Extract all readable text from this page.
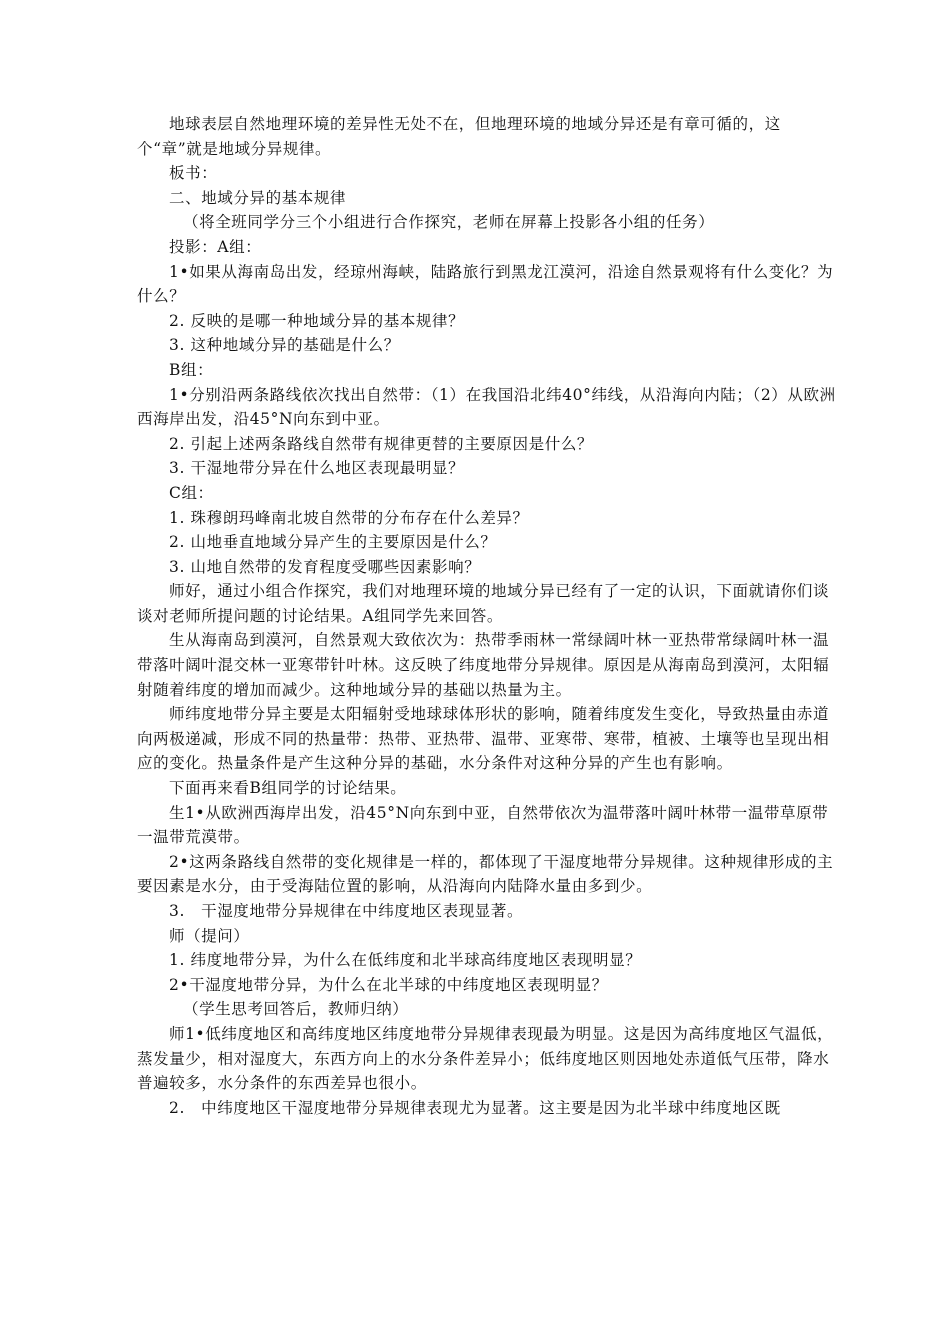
地球表层自然地理环境的差异性无处不在，但地理环境的地域分异还是有章可循的，这个“章”就是地域分异规律。

板书：

二、地域分异的基本规律

（将全班同学分三个小组进行合作探究，老师在屏幕上投影各小组的任务）

投影：A组：

1•如果从海南岛出发，经琼州海峡，陆路旅行到黑龙江漠河，沿途自然景观将有什么变化？为什么？

2. 反映的是哪一种地域分异的基本规律？

3. 这种地域分异的基础是什么？

B组：

1•分别沿两条路线依次找出自然带：（1）在我国沿北纬40°纬线，从沿海向内陆；（2）从欧洲西海岸出发，沿45°N向东到中亚。

2. 引起上述两条路线自然带有规律更替的主要原因是什么？

3. 干湿地带分异在什么地区表现最明显？

C组：

1. 珠穆朗玛峰南北坡自然带的分布存在什么差异？

2. 山地垂直地域分异产生的主要原因是什么？

3. 山地自然带的发育程度受哪些因素影响？

师好，通过小组合作探究，我们对地理环境的地域分异已经有了一定的认识，下面就请你们谈谈对老师所提问题的讨论结果。A组同学先来回答。

生从海南岛到漠河，自然景观大致依次为：热带季雨林一常绿阔叶林一亚热带常绿阔叶林一温带落叶阔叶混交林一亚寒带针叶林。这反映了纬度地带分异规律。原因是从海南岛到漠河，太阳辐射随着纬度的增加而减少。这种地域分异的基础以热量为主。

师纬度地带分异主要是太阳辐射受地球球体形状的影响，随着纬度发生变化，导致热量由赤道向两极递减，形成不同的热量带：热带、亚热带、温带、亚寒带、寒带，植被、土壤等也呈现出相应的变化。热量条件是产生这种分异的基础，水分条件对这种分异的产生也有影响。

下面再来看B组同学的讨论结果。

生1•从欧洲西海岸出发，沿45°N向东到中亚，自然带依次为温带落叶阔叶林带一温带草原带一温带荒漠带。

2•这两条路线自然带的变化规律是一样的，都体现了干湿度地带分异规律。这种规律形成的主要因素是水分，由于受海陆位置的影响，从沿海向内陆降水量由多到少。

3.　干湿度地带分异规律在中纬度地区表现显著。

师（提问）

1. 纬度地带分异，为什么在低纬度和北半球高纬度地区表现明显？

2•干湿度地带分异，为什么在北半球的中纬度地区表现明显？

（学生思考回答后，教师归纳）

师1•低纬度地区和高纬度地区纬度地带分异规律表现最为明显。这是因为高纬度地区气温低，蒸发量少，相对湿度大，东西方向上的水分条件差异小；低纬度地区则因地处赤道低气压带，降水普遍较多，水分条件的东西差异也很小。

2.　中纬度地区干湿度地带分异规律表现尤为显著。这主要是因为北半球中纬度地区既
